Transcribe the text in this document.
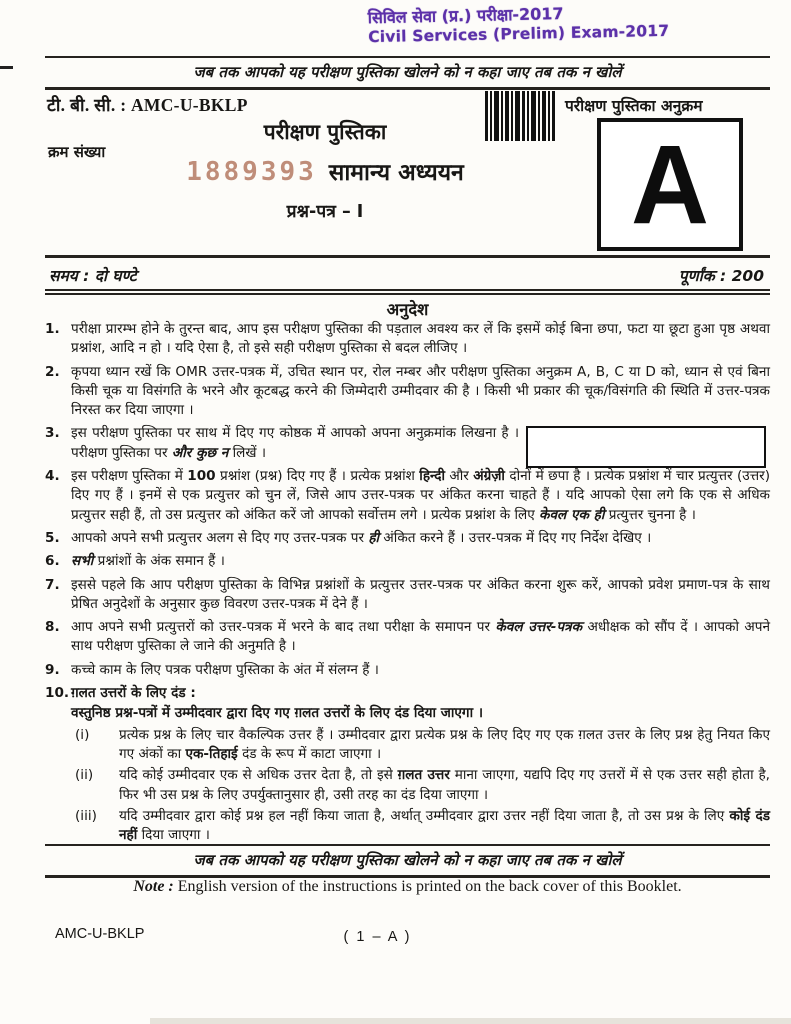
सिविल सेवा (प्र.) परीक्षा-2017
Civil Services (Prelim) Exam-2017
जब तक आपको यह परीक्षण पुस्तिका खोलने को न कहा जाए तब तक न खोलें
टी. बी. सी. : AMC-U-BKLP	परीक्षण पुस्तिका अनुक्रम
A
क्रम संख्या
परीक्षण पुस्तिका
1889393 सामान्य अध्ययन
प्रश्न-पत्र – I
समय : दो घण्टे	पूर्णांक : 200
अनुदेश
1. परीक्षा प्रारम्भ होने के तुरन्त बाद, आप इस परीक्षण पुस्तिका की पड़ताल अवश्य कर लें कि इसमें कोई बिना छपा, फटा या छूटा हुआ पृष्ठ अथवा प्रश्नांश, आदि न हो । यदि ऐसा है, तो इसे सही परीक्षण पुस्तिका से बदल लीजिए ।
2. कृपया ध्यान रखें कि OMR उत्तर-पत्रक में, उचित स्थान पर, रोल नम्बर और परीक्षण पुस्तिका अनुक्रम A, B, C या D को, ध्यान से एवं बिना किसी चूक या विसंगति के भरने और कूटबद्ध करने की जिम्मेदारी उम्मीदवार की है । किसी भी प्रकार की चूक/विसंगति की स्थिति में उत्तर-पत्रक निरस्त कर दिया जाएगा ।
3. इस परीक्षण पुस्तिका पर साथ में दिए गए कोष्ठक में आपको अपना अनुक्रमांक लिखना है । परीक्षण पुस्तिका पर और कुछ न लिखें ।
4. इस परीक्षण पुस्तिका में 100 प्रश्नांश (प्रश्न) दिए गए हैं । प्रत्येक प्रश्नांश हिन्दी और अंग्रेज़ी दोनों में छपा है । प्रत्येक प्रश्नांश में चार प्रत्युत्तर (उत्तर) दिए गए हैं । इनमें से एक प्रत्युत्तर को चुन लें, जिसे आप उत्तर-पत्रक पर अंकित करना चाहते हैं । यदि आपको ऐसा लगे कि एक से अधिक प्रत्युत्तर सही हैं, तो उस प्रत्युत्तर को अंकित करें जो आपको सर्वोत्तम लगे । प्रत्येक प्रश्नांश के लिए केवल एक ही प्रत्युत्तर चुनना है ।
5. आपको अपने सभी प्रत्युत्तर अलग से दिए गए उत्तर-पत्रक पर ही अंकित करने हैं । उत्तर-पत्रक में दिए गए निर्देश देखिए ।
6. सभी प्रश्नांशों के अंक समान हैं ।
7. इससे पहले कि आप परीक्षण पुस्तिका के विभिन्न प्रश्नांशों के प्रत्युत्तर उत्तर-पत्रक पर अंकित करना शुरू करें, आपको प्रवेश प्रमाण-पत्र के साथ प्रेषित अनुदेशों के अनुसार कुछ विवरण उत्तर-पत्रक में देने हैं ।
8. आप अपने सभी प्रत्युत्तरों को उत्तर-पत्रक में भरने के बाद तथा परीक्षा के समापन पर केवल उत्तर-पत्रक अधीक्षक को सौंप दें । आपको अपने साथ परीक्षण पुस्तिका ले जाने की अनुमति है ।
9. कच्चे काम के लिए पत्रक परीक्षण पुस्तिका के अंत में संलग्न हैं ।
10. ग़लत उत्तरों के लिए दंड :
वस्तुनिष्ठ प्रश्न-पत्रों में उम्मीदवार द्वारा दिए गए ग़लत उत्तरों के लिए दंड दिया जाएगा ।
(i)	प्रत्येक प्रश्न के लिए चार वैकल्पिक उत्तर हैं । उम्मीदवार द्वारा प्रत्येक प्रश्न के लिए दिए गए एक ग़लत उत्तर के लिए प्रश्न हेतु नियत किए गए अंकों का एक-तिहाई दंड के रूप में काटा जाएगा ।
(ii)	यदि कोई उम्मीदवार एक से अधिक उत्तर देता है, तो इसे ग़लत उत्तर माना जाएगा, यद्यपि दिए गए उत्तरों में से एक उत्तर सही होता है, फिर भी उस प्रश्न के लिए उपर्युक्तानुसार ही, उसी तरह का दंड दिया जाएगा ।
(iii)	यदि उम्मीदवार द्वारा कोई प्रश्न हल नहीं किया जाता है, अर्थात् उम्मीदवार द्वारा उत्तर नहीं दिया जाता है, तो उस प्रश्न के लिए कोई दंड नहीं दिया जाएगा ।
जब तक आपको यह परीक्षण पुस्तिका खोलने को न कहा जाए तब तक न खोलें
Note : English version of the instructions is printed on the back cover of this Booklet.
AMC-U-BKLP	( 1 – A )
